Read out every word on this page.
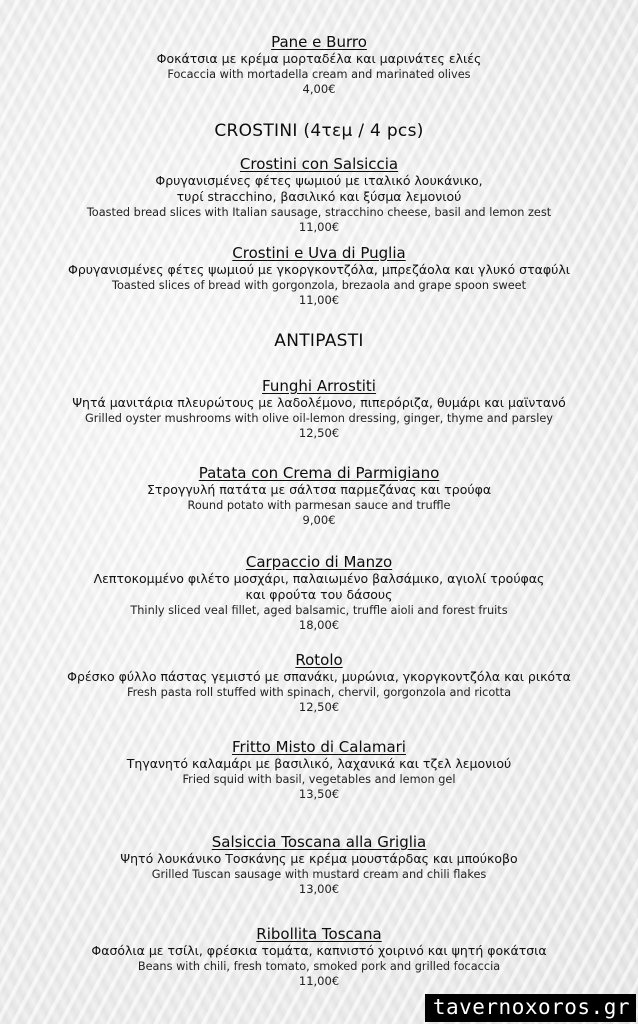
Pane e Burro
Φοκάτσια με κρέμα μορταδέλα και μαρινάτες ελιές
Focaccia with mortadella cream and marinated olives
4,00€
CROSTINI (4τεμ / 4 pcs)
Crostini con Salsiccia
Φρυγανισμένες φέτες ψωμιού με ιταλικό λουκάνικο,
τυρί stracchino, βασιλικό και ξύσμα λεμονιού
Toasted bread slices with Italian sausage, stracchino cheese, basil and lemon zest
11,00€
Crostini e Uva di Puglia
Φρυγανισμένες φέτες ψωμιού με γκοργκοντζόλα, μπρεζάολα και γλυκό σταφύλι
Toasted slices of bread with gorgonzola, brezaola and grape spoon sweet
11,00€
ANTIPASTI
Funghi Arrostiti
Ψητά μανιτάρια πλευρώτους με λαδολέμονο, πιπερόριζα, θυμάρι και μαϊντανό
Grilled oyster mushrooms with olive oil-lemon dressing, ginger, thyme and parsley
12,50€
Patata con Crema di Parmigiano
Στρογγυλή πατάτα με σάλτσα παρμεζάνας και τρούφα
Round potato with parmesan sauce and truffle
9,00€
Carpaccio di Manzo
Λεπτοκομμένο φιλέτο μοσχάρι, παλαιωμένο βαλσάμικο, αγιολί τρούφας
και φρούτα του δάσους
Thinly sliced veal fillet, aged balsamic, truffle aioli and forest fruits
18,00€
Rotolo
Φρέσκο φύλλο πάστας γεμιστό με σπανάκι, μυρώνια, γκοργκοντζόλα και ρικότα
Fresh pasta roll stuffed with spinach, chervil, gorgonzola and ricotta
12,50€
Fritto Misto di Calamari
Τηγανητό καλαμάρι με βασιλικό, λαχανικά και τζελ λεμονιού
Fried squid with basil, vegetables and lemon gel
13,50€
Salsiccia Toscana alla Griglia
Ψητό λουκάνικο Τοσκάνης με κρέμα μουστάρδας και μπούκοβο
Grilled Tuscan sausage with mustard cream and chili flakes
13,00€
Ribollita Toscana
Φασόλια με τσίλι, φρέσκια τομάτα, καπνιστό χοιρινό και ψητή φοκάτσια
Beans with chili, fresh tomato, smoked pork and grilled focaccia
11,00€
tavernoxoros.gr
